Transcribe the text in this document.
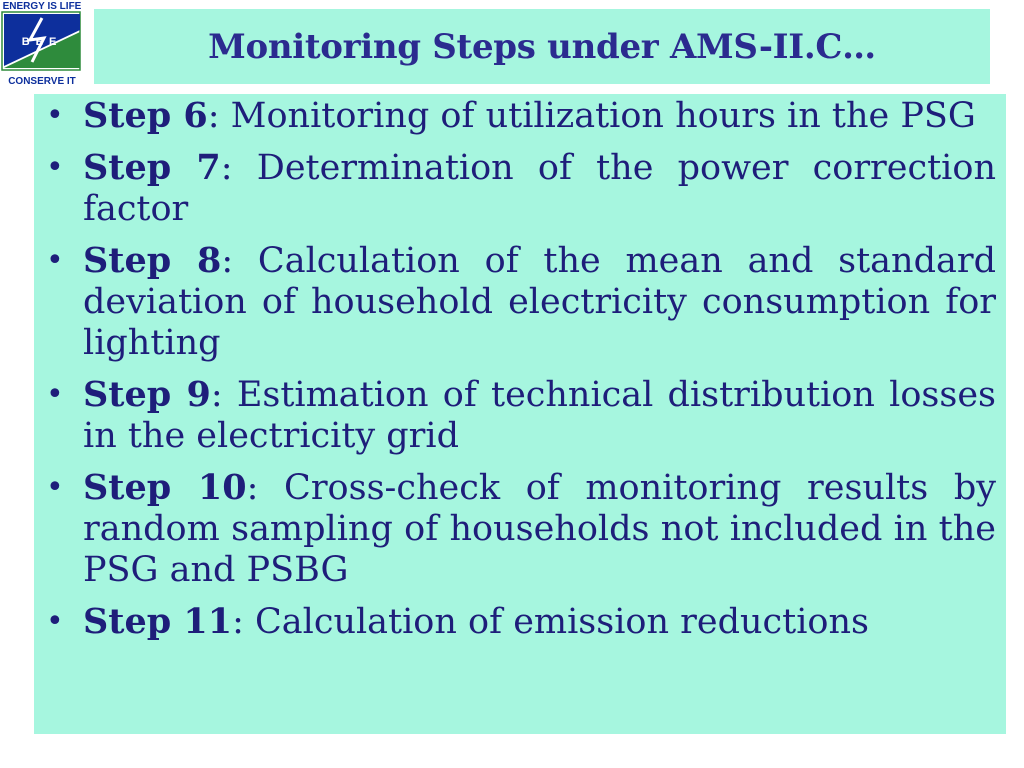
ENERGY IS LIFE
BEE
CONSERVE IT
Monitoring Steps under AMS-II.C…
• Step 6: Monitoring of utilization hours in the PSG
• Step 7: Determination of the power correction factor
• Step 8: Calculation of the mean and standard deviation of household electricity consumption for lighting
• Step 9: Estimation of technical distribution losses in the electricity grid
• Step 10: Cross-check of monitoring results by random sampling of households not included in the PSG and PSBG
• Step 11: Calculation of emission reductions
